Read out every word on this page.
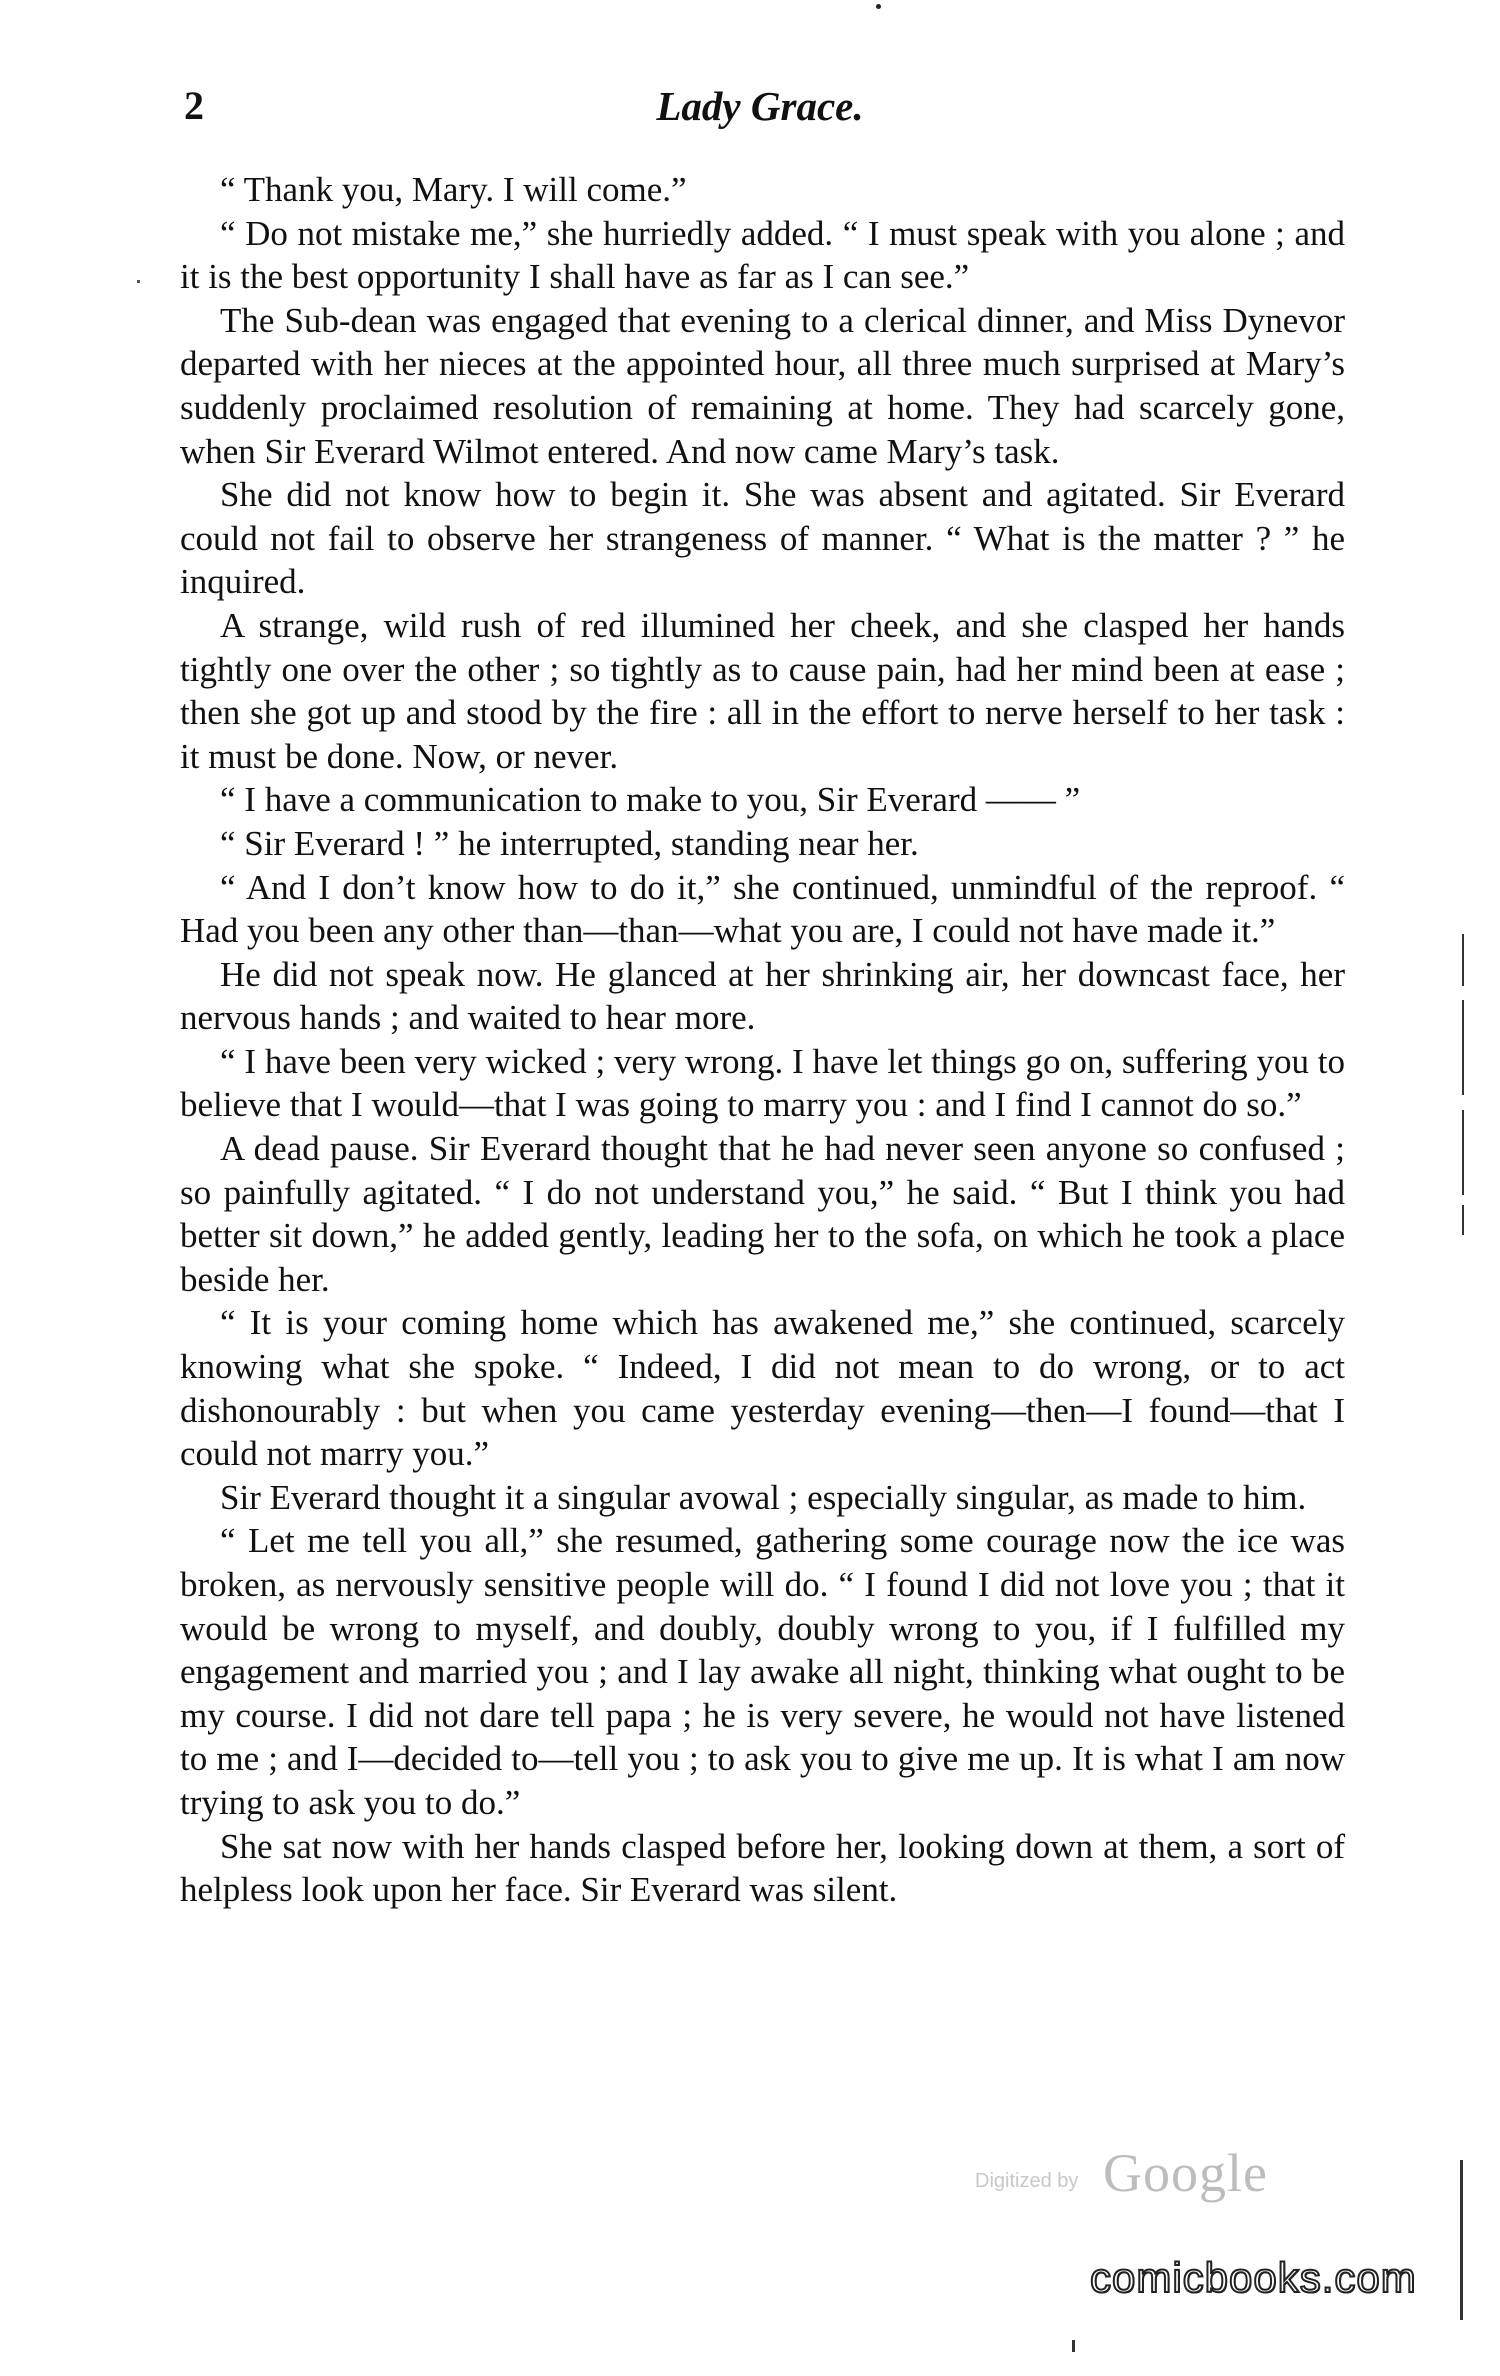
2	Lady Grace.

“ Thank you, Mary. I will come.”

“ Do not mistake me,” she hurriedly added. “ I must speak with you alone ; and it is the best opportunity I shall have as far as I can see.”

The Sub-dean was engaged that evening to a clerical dinner, and Miss Dynevor departed with her nieces at the appointed hour, all three much surprised at Mary’s suddenly proclaimed resolution of remaining at home. They had scarcely gone, when Sir Everard Wilmot entered. And now came Mary’s task.

She did not know how to begin it. She was absent and agitated. Sir Everard could not fail to observe her strangeness of manner. “ What is the matter ? ” he inquired.

A strange, wild rush of red illumined her cheek, and she clasped her hands tightly one over the other ; so tightly as to cause pain, had her mind been at ease ; then she got up and stood by the fire : all in the effort to nerve herself to her task : it must be done. Now, or never.

“ I have a communication to make to you, Sir Everard —— ”

“ Sir Everard ! ” he interrupted, standing near her.

“ And I don’t know how to do it,” she continued, unmindful of the reproof. “ Had you been any other than—than—what you are, I could not have made it.”

He did not speak now. He glanced at her shrinking air, her downcast face, her nervous hands ; and waited to hear more.

“ I have been very wicked ; very wrong. I have let things go on, suffering you to believe that I would—that I was going to marry you : and I find I cannot do so.”

A dead pause. Sir Everard thought that he had never seen anyone so confused ; so painfully agitated. “ I do not understand you,” he said. “ But I think you had better sit down,” he added gently, leading her to the sofa, on which he took a place beside her.

“ It is your coming home which has awakened me,” she continued, scarcely knowing what she spoke. “ Indeed, I did not mean to do wrong, or to act dishonourably : but when you came yesterday evening—then—I found—that I could not marry you.”

Sir Everard thought it a singular avowal ; especially singular, as made to him.

“ Let me tell you all,” she resumed, gathering some courage now the ice was broken, as nervously sensitive people will do. “ I found I did not love you ; that it would be wrong to myself, and doubly, doubly wrong to you, if I fulfilled my engagement and married you ; and I lay awake all night, thinking what ought to be my course. I did not dare tell papa ; he is very severe, he would not have listened to me ; and I—decided to—tell you ; to ask you to give me up. It is what I am now trying to ask you to do.”

She sat now with her hands clasped before her, looking down at them, a sort of helpless look upon her face. Sir Everard was silent.

Digitized by Google
comicbooks.com
